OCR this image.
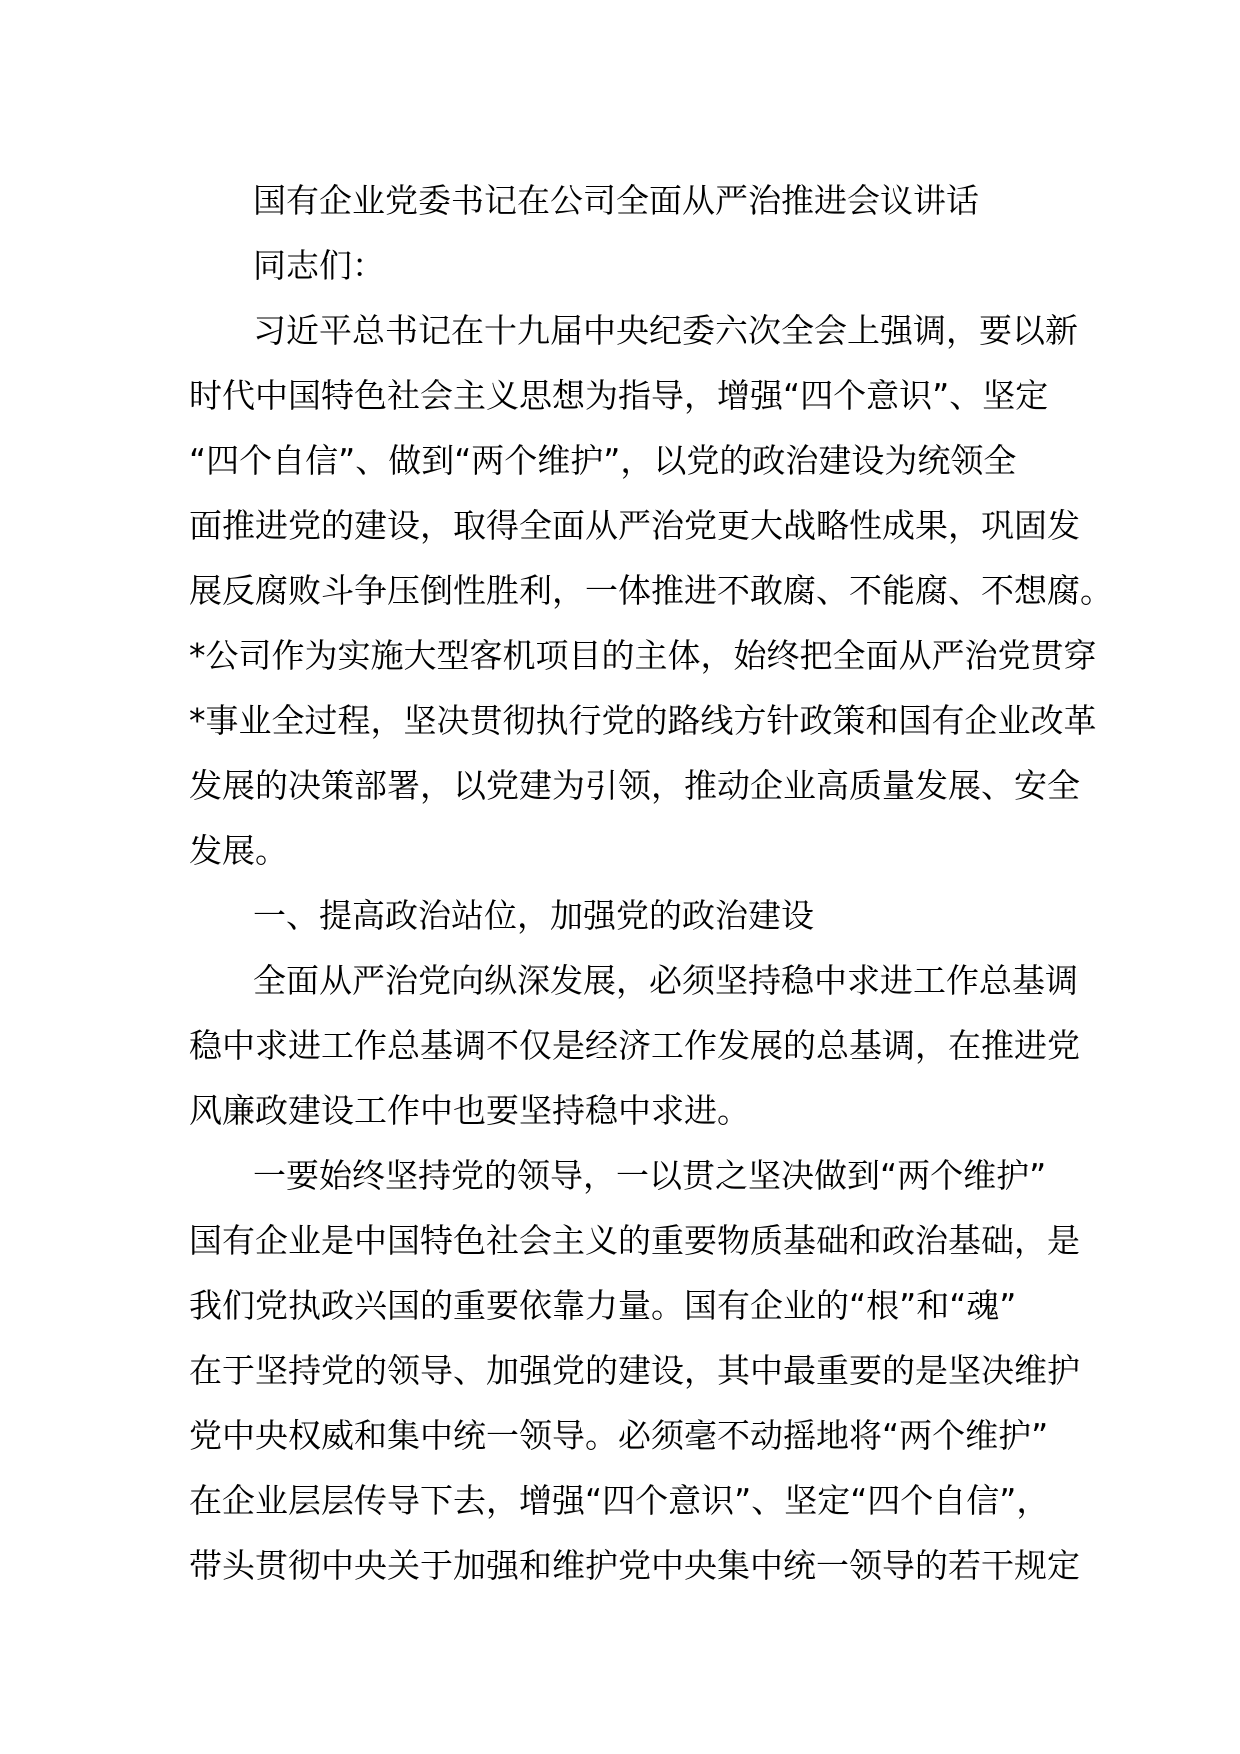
国有企业党委书记在公司全面从严治推进会议讲话
同志们：
习近平总书记在十九届中央纪委六次全会上强调，要以新
时代中国特色社会主义思想为指导，增强“四个意识”、坚定
“四个自信”、做到“两个维护”，以党的政治建设为统领全
面推进党的建设，取得全面从严治党更大战略性成果，巩固发
展反腐败斗争压倒性胜利，一体推进不敢腐、不能腐、不想腐。
*公司作为实施大型客机项目的主体，始终把全面从严治党贯穿
*事业全过程，坚决贯彻执行党的路线方针政策和国有企业改革
发展的决策部署，以党建为引领，推动企业高质量发展、安全
发展。
一、提高政治站位，加强党的政治建设
全面从严治党向纵深发展，必须坚持稳中求进工作总基调
稳中求进工作总基调不仅是经济工作发展的总基调，在推进党
风廉政建设工作中也要坚持稳中求进。
一要始终坚持党的领导，一以贯之坚决做到“两个维护”
国有企业是中国特色社会主义的重要物质基础和政治基础，是
我们党执政兴国的重要依靠力量。国有企业的“根”和“魂”
在于坚持党的领导、加强党的建设，其中最重要的是坚决维护
党中央权威和集中统一领导。必须毫不动摇地将“两个维护”
在企业层层传导下去，增强“四个意识”、坚定“四个自信”，
带头贯彻中央关于加强和维护党中央集中统一领导的若干规定
